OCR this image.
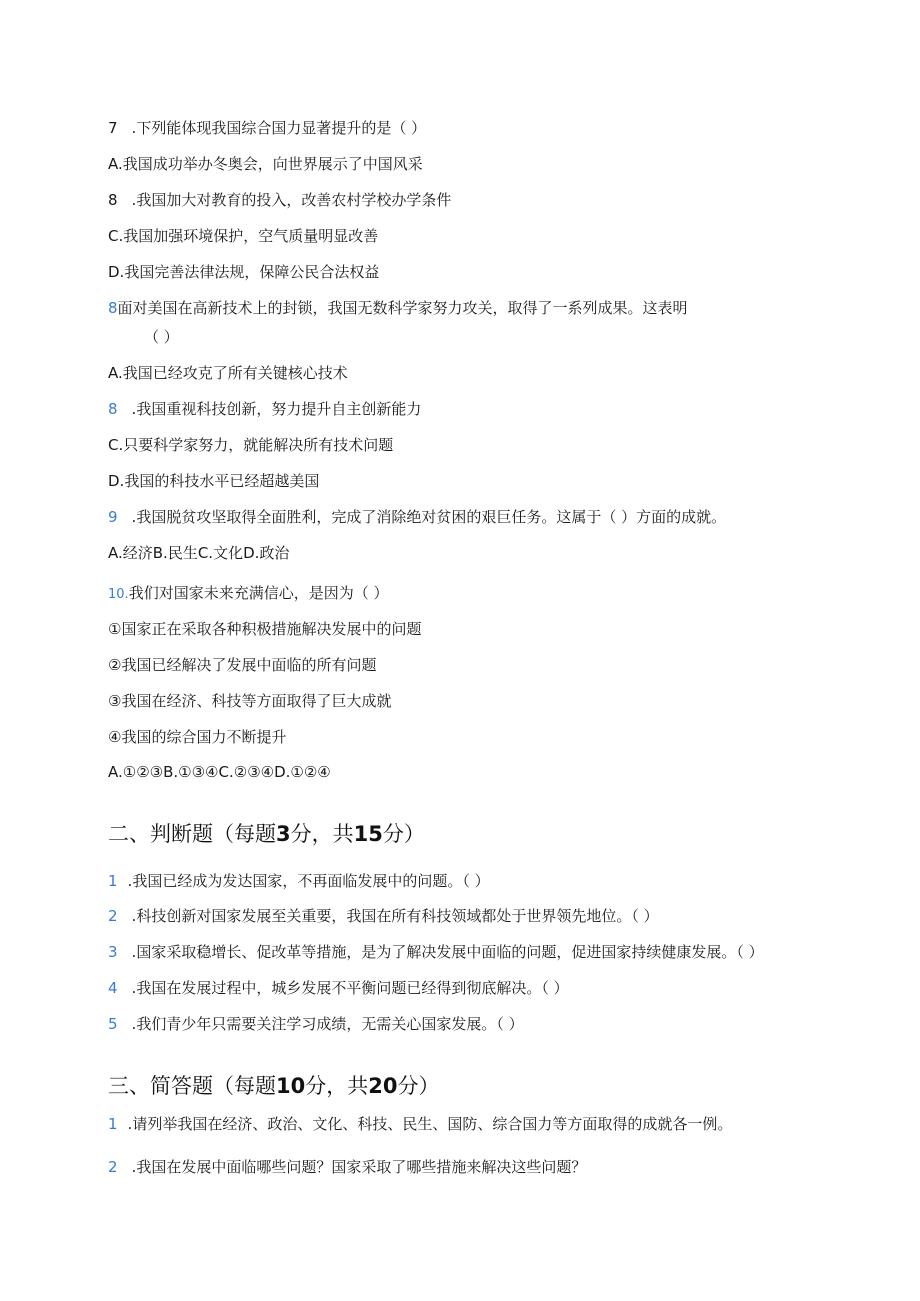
7 .下列能体现我国综合国力显著提升的是（ ）
A.我国成功举办冬奥会，向世界展示了中国风采
8 .我国加大对教育的投入，改善农村学校办学条件
C.我国加强环境保护，空气质量明显改善
D.我国完善法律法规，保障公民合法权益
8面对美国在高新技术上的封锁，我国无数科学家努力攻关，取得了一系列成果。这表明
（ ）
A.我国已经攻克了所有关键核心技术
8 .我国重视科技创新，努力提升自主创新能力
C.只要科学家努力，就能解决所有技术问题
D.我国的科技水平已经超越美国
9 .我国脱贫攻坚取得全面胜利，完成了消除绝对贫困的艰巨任务。这属于（ ）方面的成就。
A.经济B.民生C.文化D.政治
10.我们对国家未来充满信心，是因为（ ）
①国家正在采取各种积极措施解决发展中的问题
②我国已经解决了发展中面临的所有问题
③我国在经济、科技等方面取得了巨大成就
④我国的综合国力不断提升
A.①②③B.①③④C.②③④D.①②④
二、判断题（每题3分，共15分）
1 .我国已经成为发达国家，不再面临发展中的问题。（ ）
2 .科技创新对国家发展至关重要，我国在所有科技领域都处于世界领先地位。（ ）
3 .国家采取稳增长、促改革等措施，是为了解决发展中面临的问题，促进国家持续健康发展。（ ）
4 .我国在发展过程中，城乡发展不平衡问题已经得到彻底解决。（ ）
5 .我们青少年只需要关注学习成绩，无需关心国家发展。（ ）
三、简答题（每题10分，共20分）
1 .请列举我国在经济、政治、文化、科技、民生、国防、综合国力等方面取得的成就各一例。
2 .我国在发展中面临哪些问题？国家采取了哪些措施来解决这些问题？
